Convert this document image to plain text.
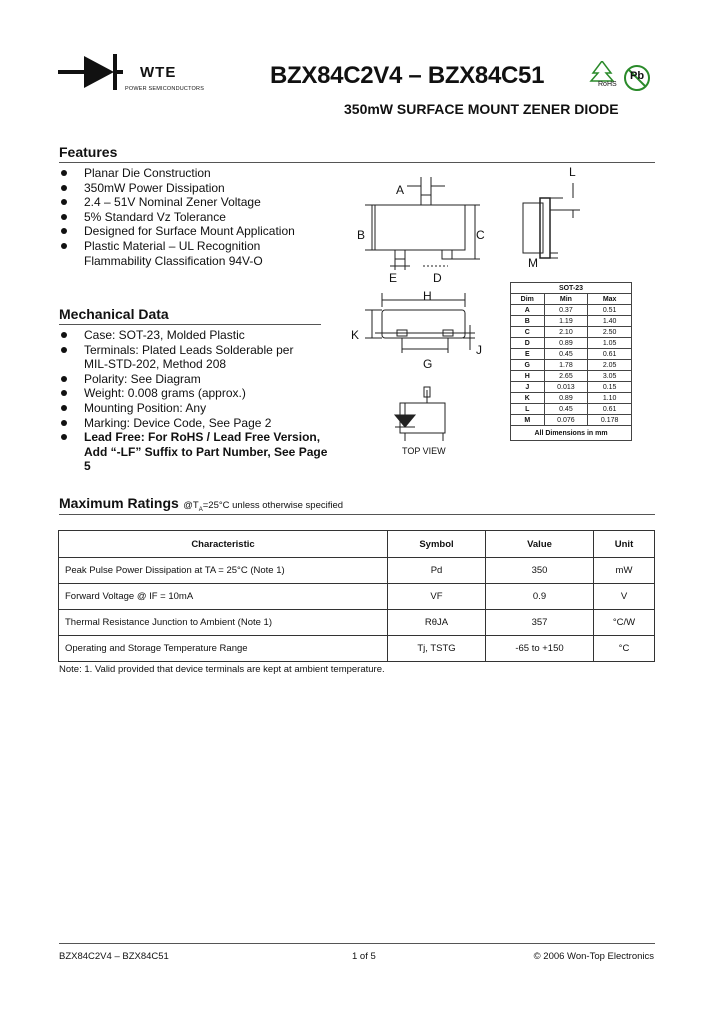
WTE
POWER SEMICONDUCTORS	BZX84C2V4 – BZX84C51	RoHS
Pb
350mW SURFACE MOUNT ZENER DIODE
Features
Planar Die Construction
350mW Power Dissipation
2.4 – 51V Nominal Zener Voltage
5% Standard Vz Tolerance
Designed for Surface Mount Application
Plastic Material – UL Recognition Flammability Classification 94V-O
Mechanical Data
Case: SOT-23, Molded Plastic
Terminals: Plated Leads Solderable per MIL-STD-202, Method 208
Polarity: See Diagram
Weight: 0.008 grams (approx.)
Mounting Position: Any
Marking: Device Code, See Page 2
Lead Free: For RoHS / Lead Free Version, Add “-LF” Suffix to Part Number, See Page 5
A
B	C
E	D
H
K
J
G
L
M
TOP VIEW
SOT-23		
Dim	Min	Max
A	0.37	0.51
B	1.19	1.40
C	2.10	2.50
D	0.89	1.05
E	0.45	0.61
G	1.78	2.05
H	2.65	3.05
J	0.013	0.15
K	0.89	1.10
L	0.45	0.61
M	0.076	0.178
All Dimensions in mm		
Maximum Ratings $@T_A=25^\circ C$ unless otherwise specified
Characteristic	Symbol	Value	Unit
Peak Pulse Power Dissipation at TA = 25°C (Note 1)	Pd	350	mW
Forward Voltage @ IF = 10mA	VF	0.9	V
Thermal Resistance Junction to Ambient (Note 1)	RθJA	357	°C/W
Operating and Storage Temperature Range	Tj, TSTG	-65 to +150	°C
Note: 1. Valid provided that device terminals are kept at ambient temperature.
BZX84C2V4 – BZX84C51	1 of 5	© 2006 Won-Top Electronics
